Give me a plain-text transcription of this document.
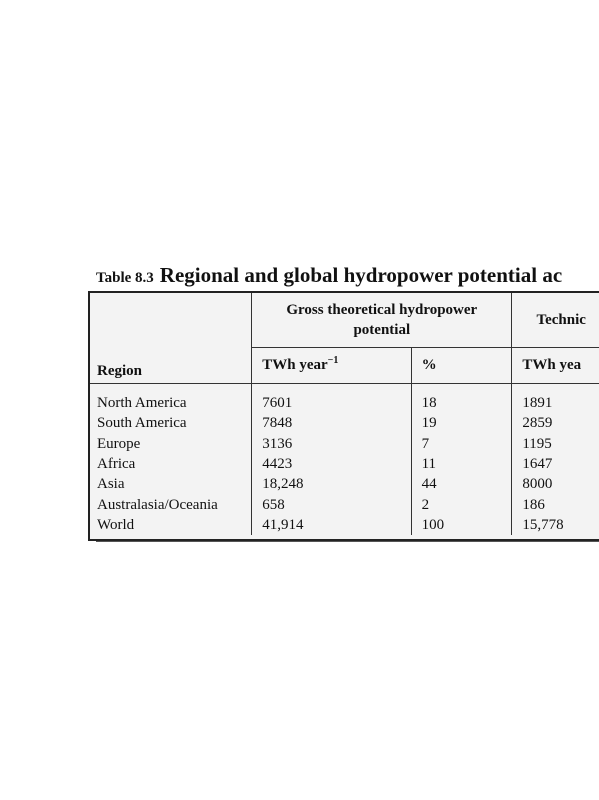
Table 8.3 Regional and global hydropower potential ac
Region	Gross theoretical hydropower potential		Technic
	TWh year$^{-1}$	%	TWh yea
North America	7601	18	1891
South America	7848	19	2859
Europe	3136	7	1195
Africa	4423	11	1647
Asia	18,248	44	8000
Australasia/Oceania	658	2	186
World	41,914	100	15,778
